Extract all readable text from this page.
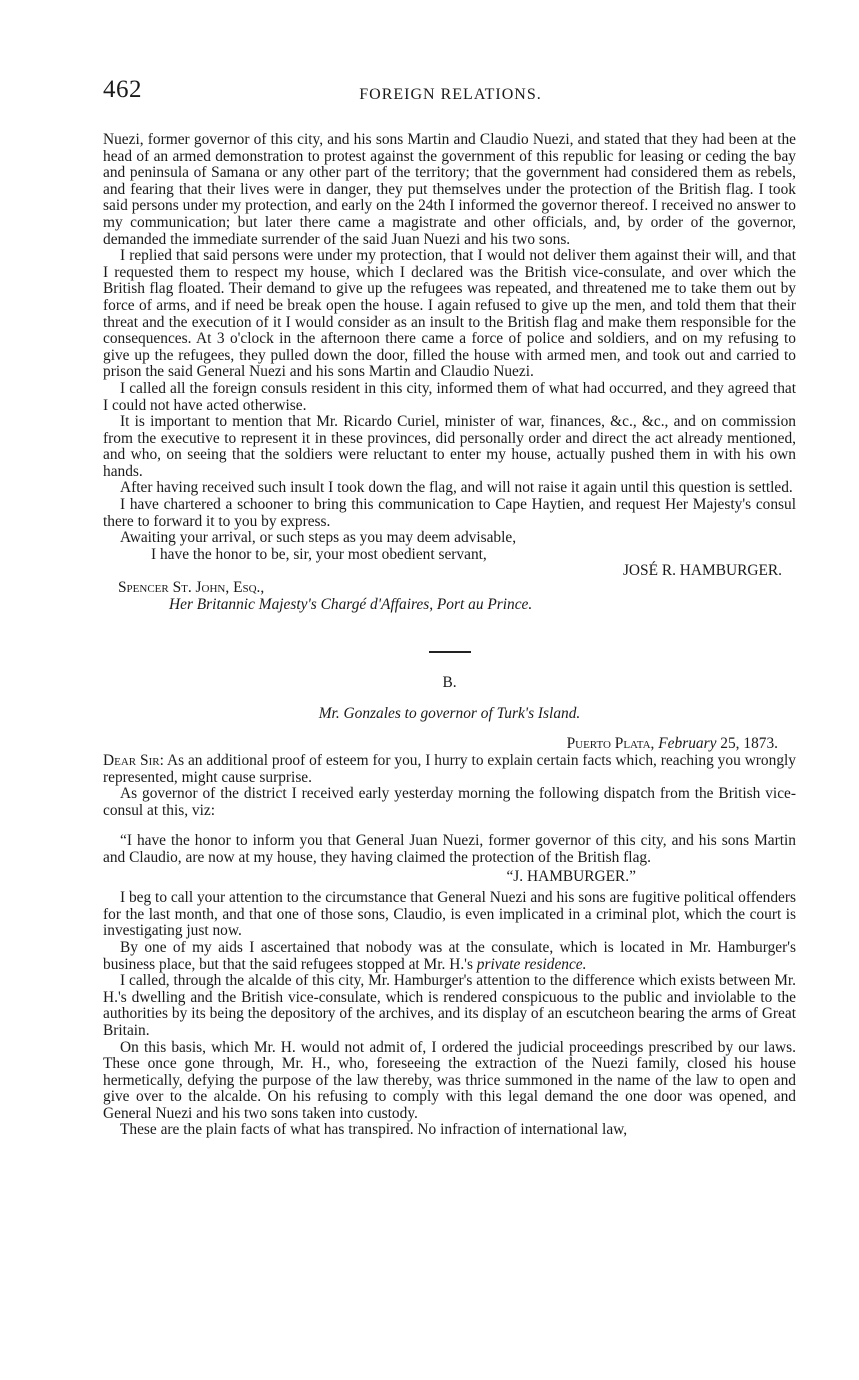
462	FOREIGN RELATIONS.

Nuezi, former governor of this city, and his sons Martin and Claudio Nuezi, and stated that they had been at the head of an armed demonstration to protest against the government of this republic for leasing or ceding the bay and peninsula of Samana or any other part of the territory; that the government had considered them as rebels, and fearing that their lives were in danger, they put themselves under the protection of the British flag. I took said persons under my protection, and early on the 24th I informed the governor thereof. I received no answer to my communication; but later there came a magistrate and other officials, and, by order of the governor, demanded the immediate surrender of the said Juan Nuezi and his two sons.

I replied that said persons were under my protection, that I would not deliver them against their will, and that I requested them to respect my house, which I declared was the British vice-consulate, and over which the British flag floated. Their demand to give up the refugees was repeated, and threatened me to take them out by force of arms, and if need be break open the house. I again refused to give up the men, and told them that their threat and the execution of it I would consider as an insult to the British flag and make them responsible for the consequences. At 3 o'clock in the afternoon there came a force of police and soldiers, and on my refusing to give up the refugees, they pulled down the door, filled the house with armed men, and took out and carried to prison the said General Nuezi and his sons Martin and Claudio Nuezi.

I called all the foreign consuls resident in this city, informed them of what had occurred, and they agreed that I could not have acted otherwise.

It is important to mention that Mr. Ricardo Curiel, minister of war, finances, &c., &c., and on commission from the executive to represent it in these provinces, did personally order and direct the act already mentioned, and who, on seeing that the soldiers were reluctant to enter my house, actually pushed them in with his own hands.

After having received such insult I took down the flag, and will not raise it again until this question is settled.

I have chartered a schooner to bring this communication to Cape Haytien, and request Her Majesty's consul there to forward it to you by express.

Awaiting your arrival, or such steps as you may deem advisable,

I have the honor to be, sir, your most obedient servant,

JOSÉ R. HAMBURGER.

Spencer St. John, Esq.,

Her Britannic Majesty's Chargé d'Affaires, Port au Prince.

B.

Mr. Gonzales to governor of Turk's Island.

Puerto Plata, February 25, 1873.

Dear Sir: As an additional proof of esteem for you, I hurry to explain certain facts which, reaching you wrongly represented, might cause surprise.

As governor of the district I received early yesterday morning the following dispatch from the British vice-consul at this, viz:

“I have the honor to inform you that General Juan Nuezi, former governor of this city, and his sons Martin and Claudio, are now at my house, they having claimed the protection of the British flag.

“J. HAMBURGER.”

I beg to call your attention to the circumstance that General Nuezi and his sons are fugitive political offenders for the last month, and that one of those sons, Claudio, is even implicated in a criminal plot, which the court is investigating just now.

By one of my aids I ascertained that nobody was at the consulate, which is located in Mr. Hamburger's business place, but that the said refugees stopped at Mr. H.'s private residence.

I called, through the alcalde of this city, Mr. Hamburger's attention to the difference which exists between Mr. H.'s dwelling and the British vice-consulate, which is rendered conspicuous to the public and inviolable to the authorities by its being the depository of the archives, and its display of an escutcheon bearing the arms of Great Britain.

On this basis, which Mr. H. would not admit of, I ordered the judicial proceedings prescribed by our laws. These once gone through, Mr. H., who, foreseeing the extraction of the Nuezi family, closed his house hermetically, defying the purpose of the law thereby, was thrice summoned in the name of the law to open and give over to the alcalde. On his refusing to comply with this legal demand the one door was opened, and General Nuezi and his two sons taken into custody.

These are the plain facts of what has transpired. No infraction of international law,
